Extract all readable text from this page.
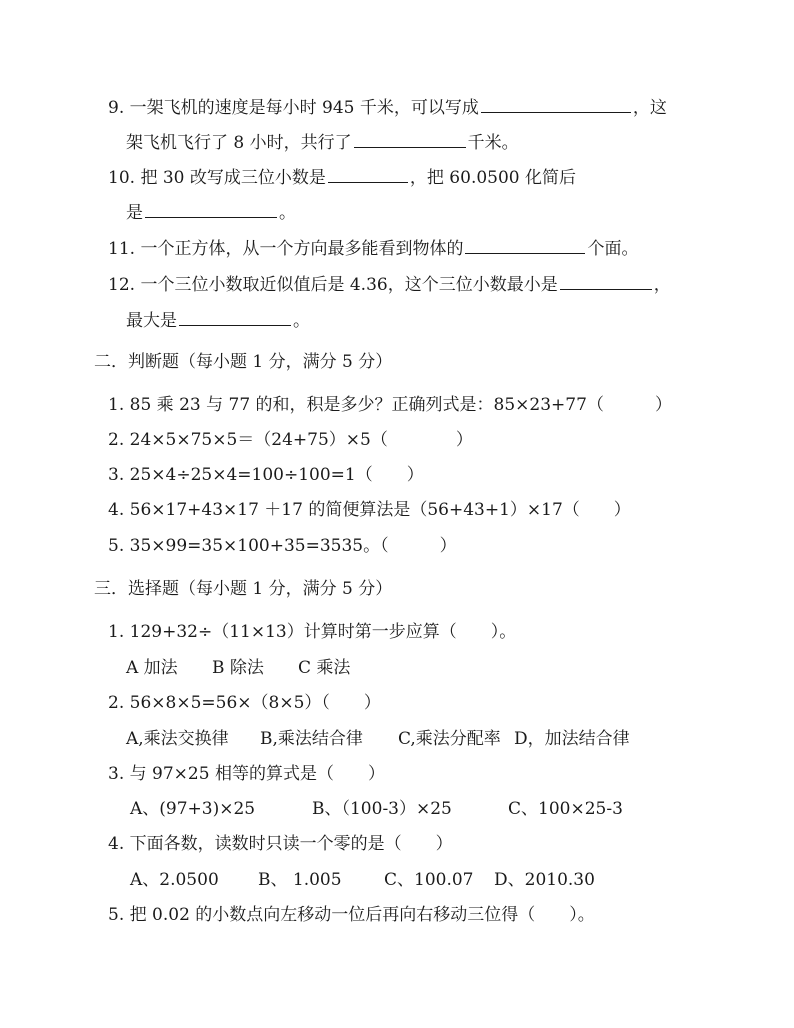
9. 一架飞机的速度是每小时 945 千米，可以写成	，这
架飞机飞行了 8 小时，共行了	千米。
10. 把 30 改写成三位小数是	，把 60.0500 化简后
是	。
11. 一个正方体，从一个方向最多能看到物体的	个面。
12. 一个三位小数取近似值后是 4.36，这个三位小数最小是	，
最大是	。
二．判断题（每小题 1 分，满分 5 分）
1. 85 乘 23 与 77 的和，积是多少？正确列式是：85×23+77（　　　）
2. 24×5×75×5＝（24+75）×5（　　　　）
3. 25×4÷25×4=100÷100=1（　　）
4. 56×17+43×17 ＋17 的简便算法是（56+43+1）×17（　　）
5. 35×99=35×100+35=3535。（　　　）
三．选择题（每小题 1 分，满分 5 分）
1. 129+32÷（11×13）计算时第一步应算（　　）。
A 加法 B 除法 C 乘法
2. 56×8×5=56×（8×5）（　　）
A,乘法交换律 B,乘法结合律 C,乘法分配率 D，加法结合律
3. 与 97×25 相等的算式是（　　）
A、(97+3)×25	B、（100-3）×25	C、100×25-3
4. 下面各数，读数时只读一个零的是（　　）
A、2.0500 B、 1.005 C、100.07 D、2010.30
5. 把 0.02 的小数点向左移动一位后再向右移动三位得（　　）。
